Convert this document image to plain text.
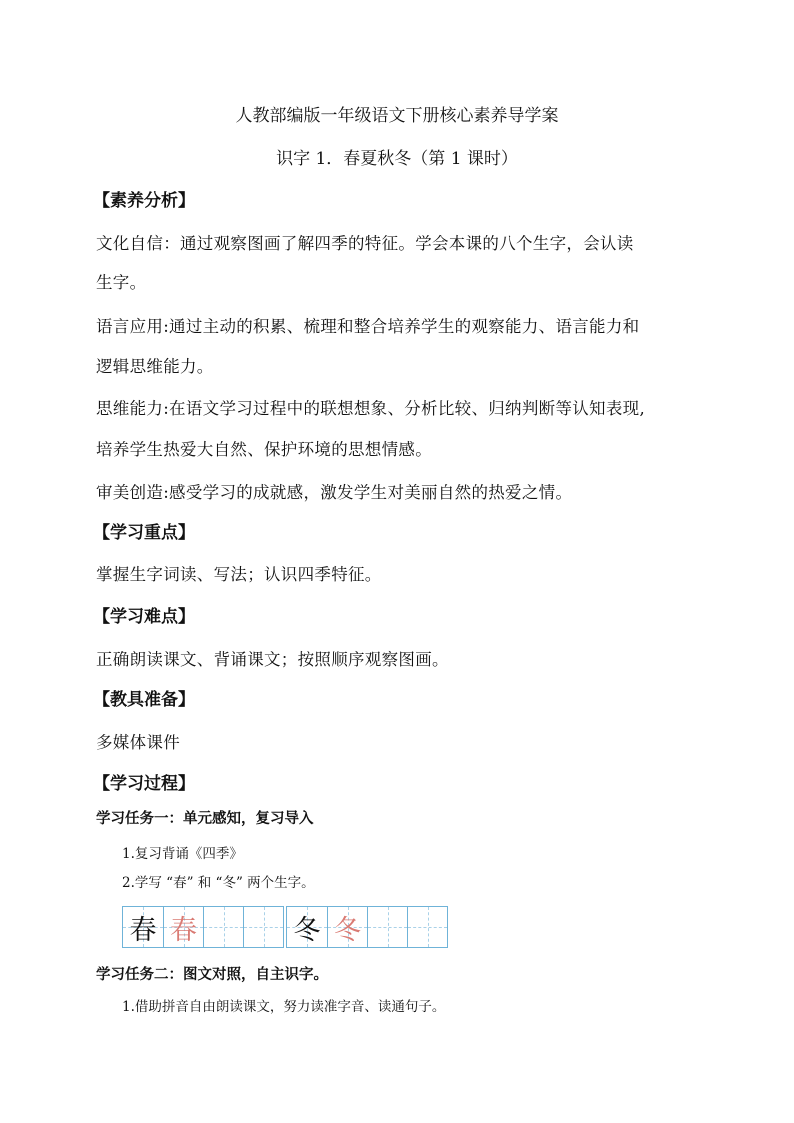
人教部编版一年级语文下册核心素养导学案
识字 1．春夏秋冬（第 1 课时）
【素养分析】
文化自信：通过观察图画了解四季的特征。学会本课的八个生字，会认读
生字。
语言应用:通过主动的积累、梳理和整合培养学生的观察能力、语言能力和
逻辑思维能力。
思维能力:在语文学习过程中的联想想象、分析比较、归纳判断等认知表现,
培养学生热爱大自然、保护环境的思想情感。
审美创造:感受学习的成就感，激发学生对美丽自然的热爱之情。
【学习重点】
掌握生字词读、写法；认识四季特征。
【学习难点】
正确朗读课文、背诵课文；按照顺序观察图画。
【教具准备】
多媒体课件
【学习过程】
学习任务一：单元感知，复习导入
1.复习背诵《四季》
2.学写 “春” 和 “冬” 两个生字。
春 春	冬 冬
学习任务二：图文对照，自主识字。
1.借助拼音自由朗读课文，努力读准字音、读通句子。
